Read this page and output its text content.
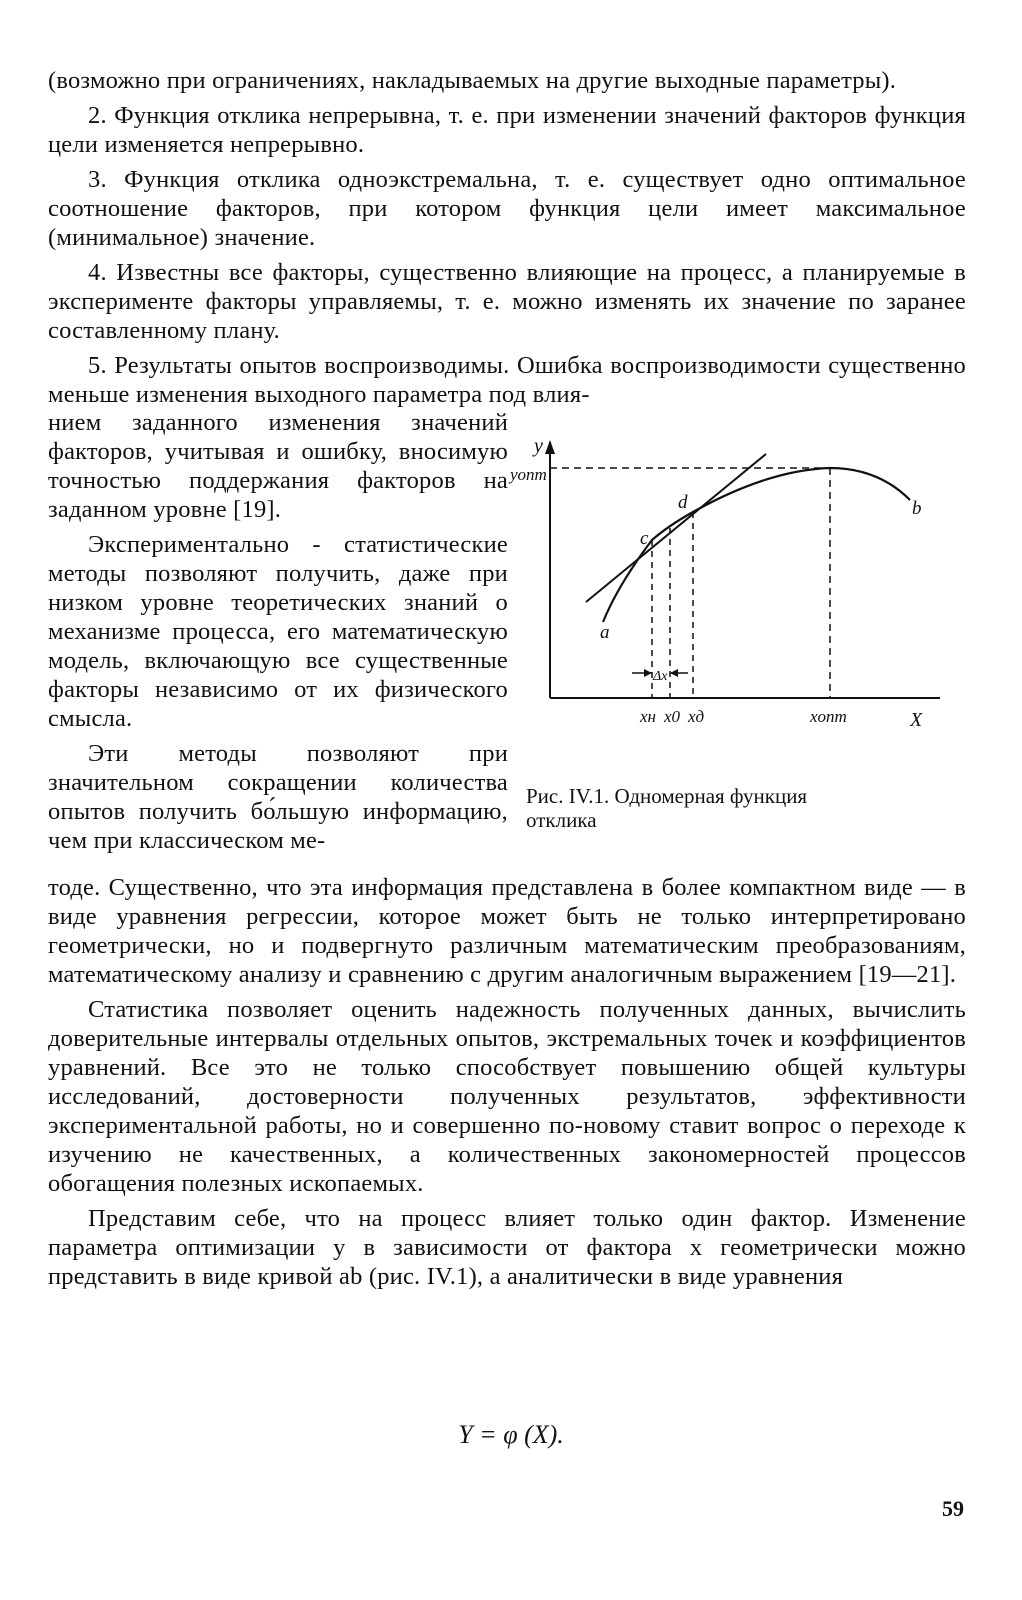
(возможно при ограничениях, накладываемых на другие выходные параметры).

2. Функция отклика непрерывна, т. е. при изменении значений факторов функция цели изменяется непрерывно.

3. Функция отклика одноэкстремальна, т. е. существует одно оптимальное соотношение факторов, при котором функция цели имеет максимальное (минимальное) значение.

4. Известны все факторы, существенно влияющие на процесс, а планируемые в эксперименте факторы управляемы, т. е. можно изменять их значение по заранее составленному плану.

5. Результаты опытов воспроизводимы. Ошибка воспроизводимости существенно меньше изменения выходного параметра под влия-

нием заданного изменения значений факторов, учитывая и ошибку, вносимую точностью поддержания факторов на заданном уровне [19].

Экспериментально - статистические методы позволяют получить, даже при низком уровне теоретических знаний о механизме процесса, его математическую модель, включающую все существенные факторы независимо от их физического смысла.

Эти методы позволяют при значительном сокращении количества опытов получить бо́льшую информацию, чем при классическом ме-

y
yопт
X
xопт
xн x0 xд
Δx
a
b
c
d
Рис. IV.1. Одномерная функция
отклика

тоде. Существенно, что эта информация представлена в более компактном виде — в виде уравнения регрессии, которое может быть не только интерпретировано геометрически, но и подвергнуто различным математическим преобразованиям, математическому анализу и сравнению с другим аналогичным выражением [19—21].

Статистика позволяет оценить надежность полученных данных, вычислить доверительные интервалы отдельных опытов, экстремальных точек и коэффициентов уравнений. Все это не только способствует повышению общей культуры исследований, достоверности полученных результатов, эффективности экспериментальной работы, но и совершенно по-новому ставит вопрос о переходе к изучению не качественных, а количественных закономерностей процессов обогащения полезных ископаемых.

Представим себе, что на процесс влияет только один фактор. Изменение параметра оптимизации y в зависимости от фактора x геометрически можно представить в виде кривой ab (рис. IV.1), а аналитически в виде уравнения

Y = φ (X).
59
